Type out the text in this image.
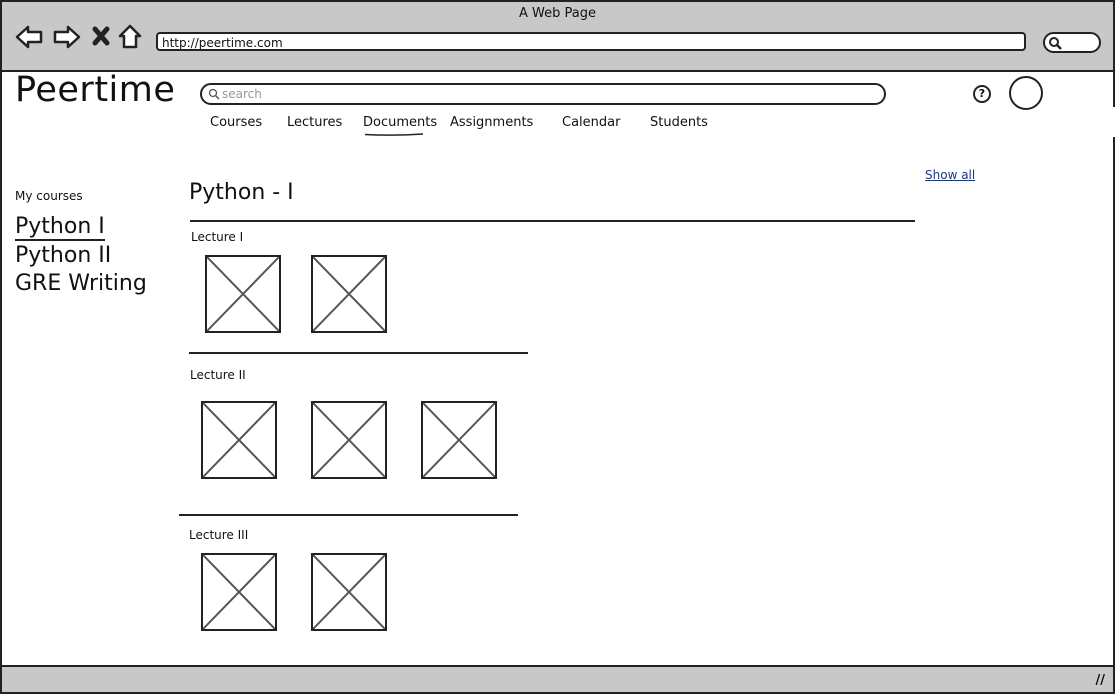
A Web Page
http://peertime.com
Peertime	search	?
Courses Lectures Documents Assignments Calendar Students
My courses
Python I
Python II
GRE Writing
Python - I
Show all
Lecture I
Lecture II
Lecture III
//
